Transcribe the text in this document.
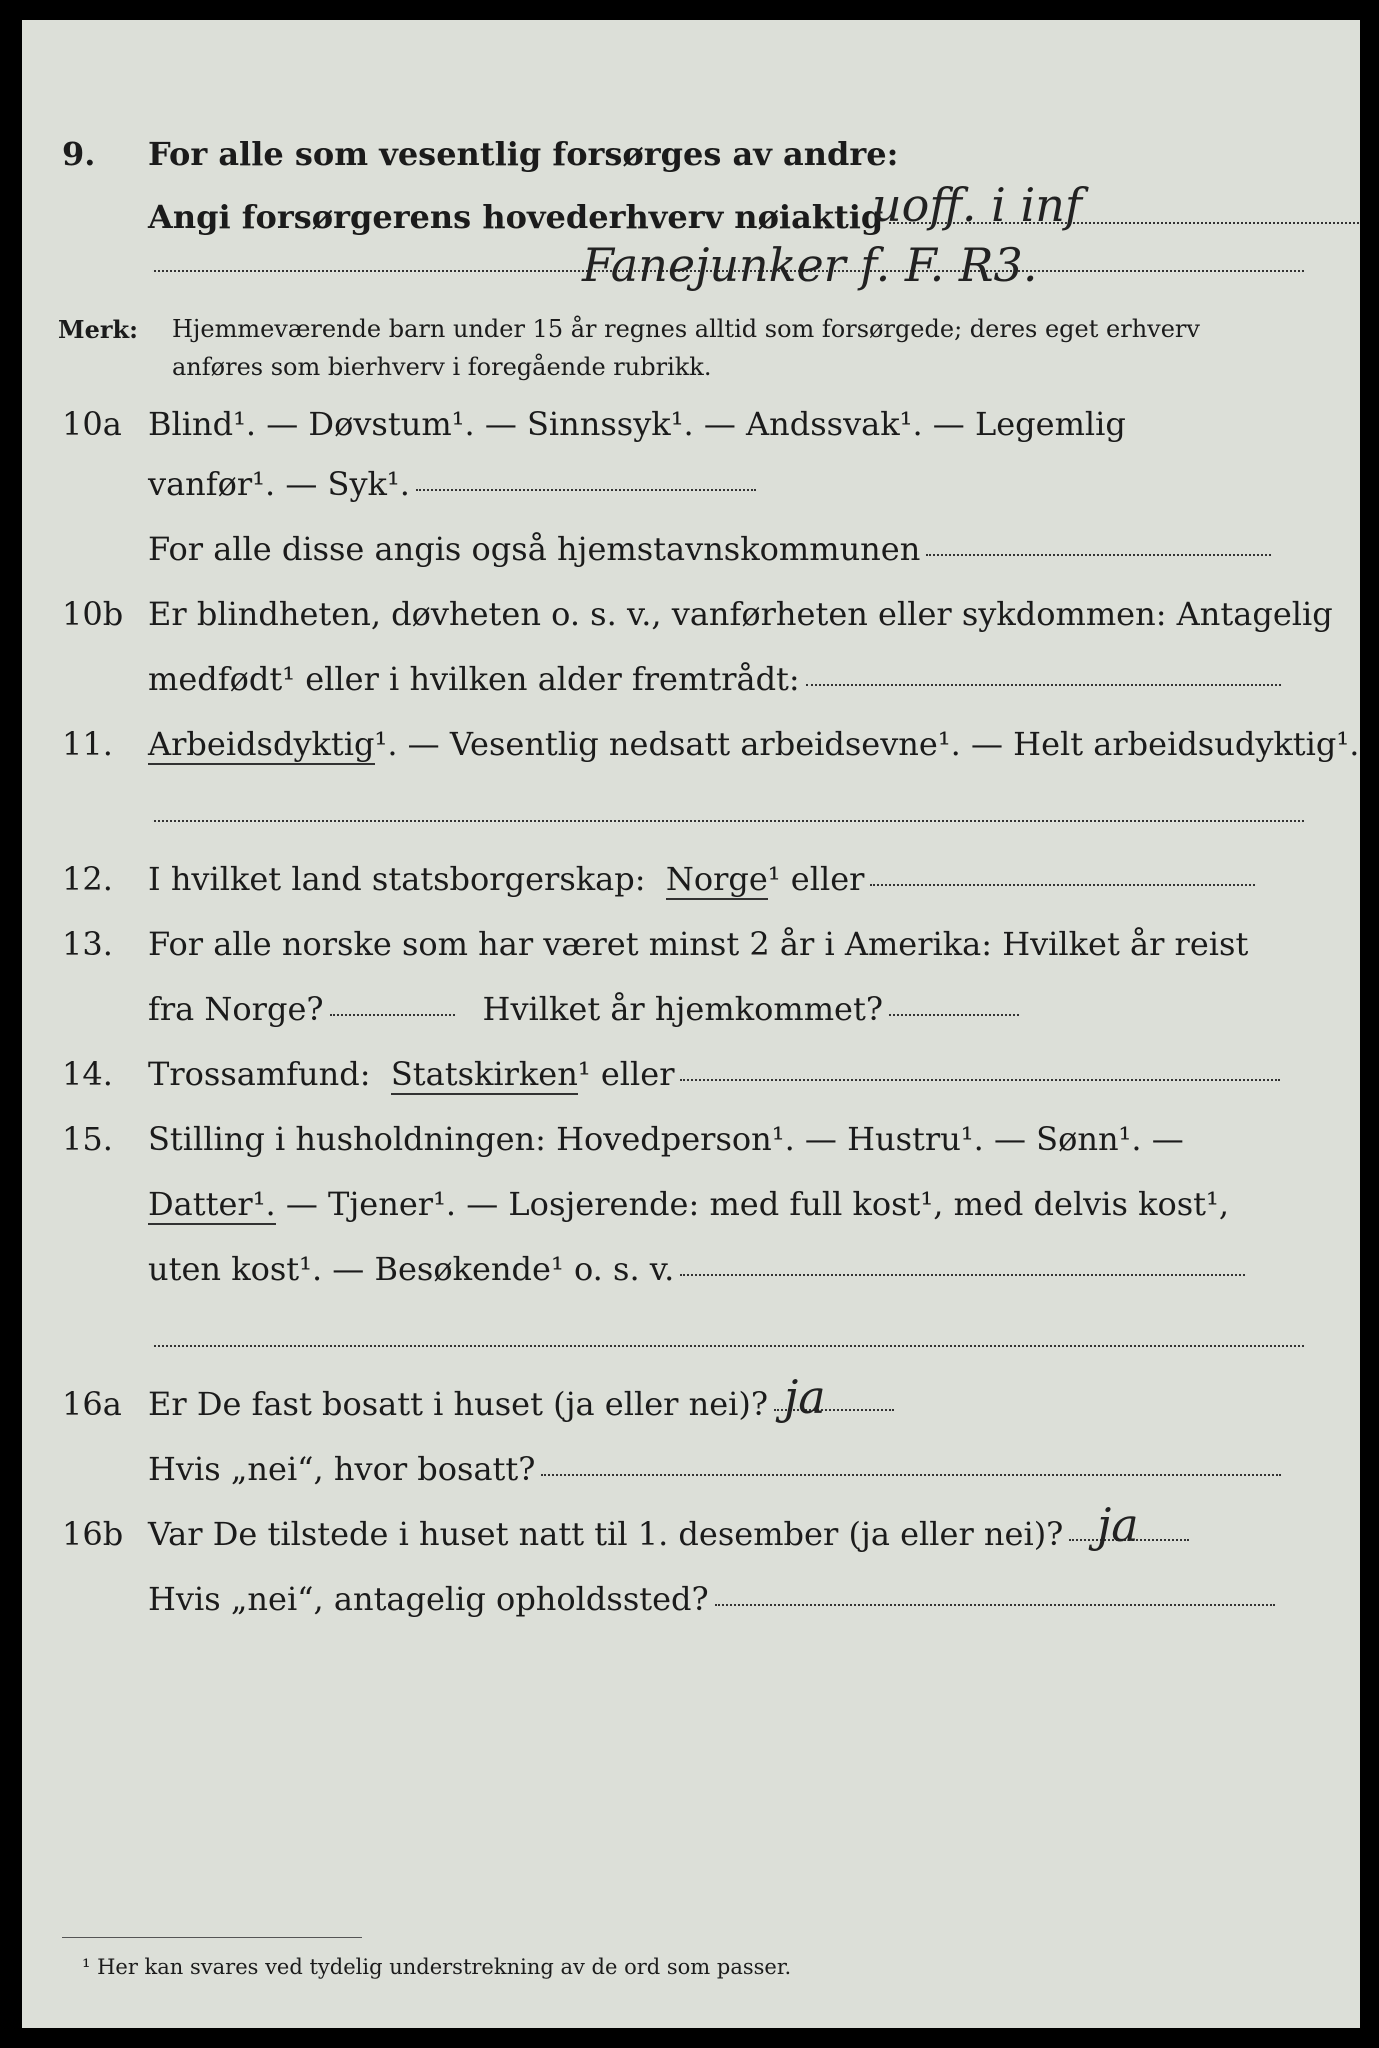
9. For alle som vesentlig forsørges av andre:
Angi forsørgerens hovederhverv nøiaktig
uoff. i inf
Fanejunker f. F. R3.
Merk: Hjemmeværende barn under 15 år regnes alltid som forsørgede; deres eget erhverv
anføres som bierhverv i foregående rubrikk.
10a Blind¹. — Døvstum¹. — Sinnssyk¹. — Andssvak¹. — Legemlig
vanfør¹. — Syk¹.
For alle disse angis også hjemstavnskommunen
10b Er blindheten, døvheten o. s. v., vanførheten eller sykdommen: Antagelig
medfødt¹ eller i hvilken alder fremtrådt:
11. Arbeidsdyktig ¹. — Vesentlig nedsatt arbeidsevne¹. — Helt arbeidsudyktig¹.
12. I hvilket land statsborgerskap:
Norge ¹ eller
13. For alle norske som har været minst 2 år i Amerika: Hvilket år reist
fra Norge?	Hvilket år hjemkommet?
14. Trossamfund:
Statskirken ¹ eller
15. Stilling i husholdningen: Hovedperson¹. — Hustru¹. — Sønn¹. —
Datter¹.
— Tjener¹. — Losjerende: med full kost¹, med delvis kost¹,
uten kost¹. — Besøkende¹ o. s. v.
16a Er De fast bosatt i huset (ja eller nei)? ja
Hvis „nei“, hvor bosatt?
16b Var De tilstede i huset natt til 1. desember (ja eller nei)? ja
Hvis „nei“, antagelig opholdssted?
¹ Her kan svares ved tydelig understrekning av de ord som passer.
